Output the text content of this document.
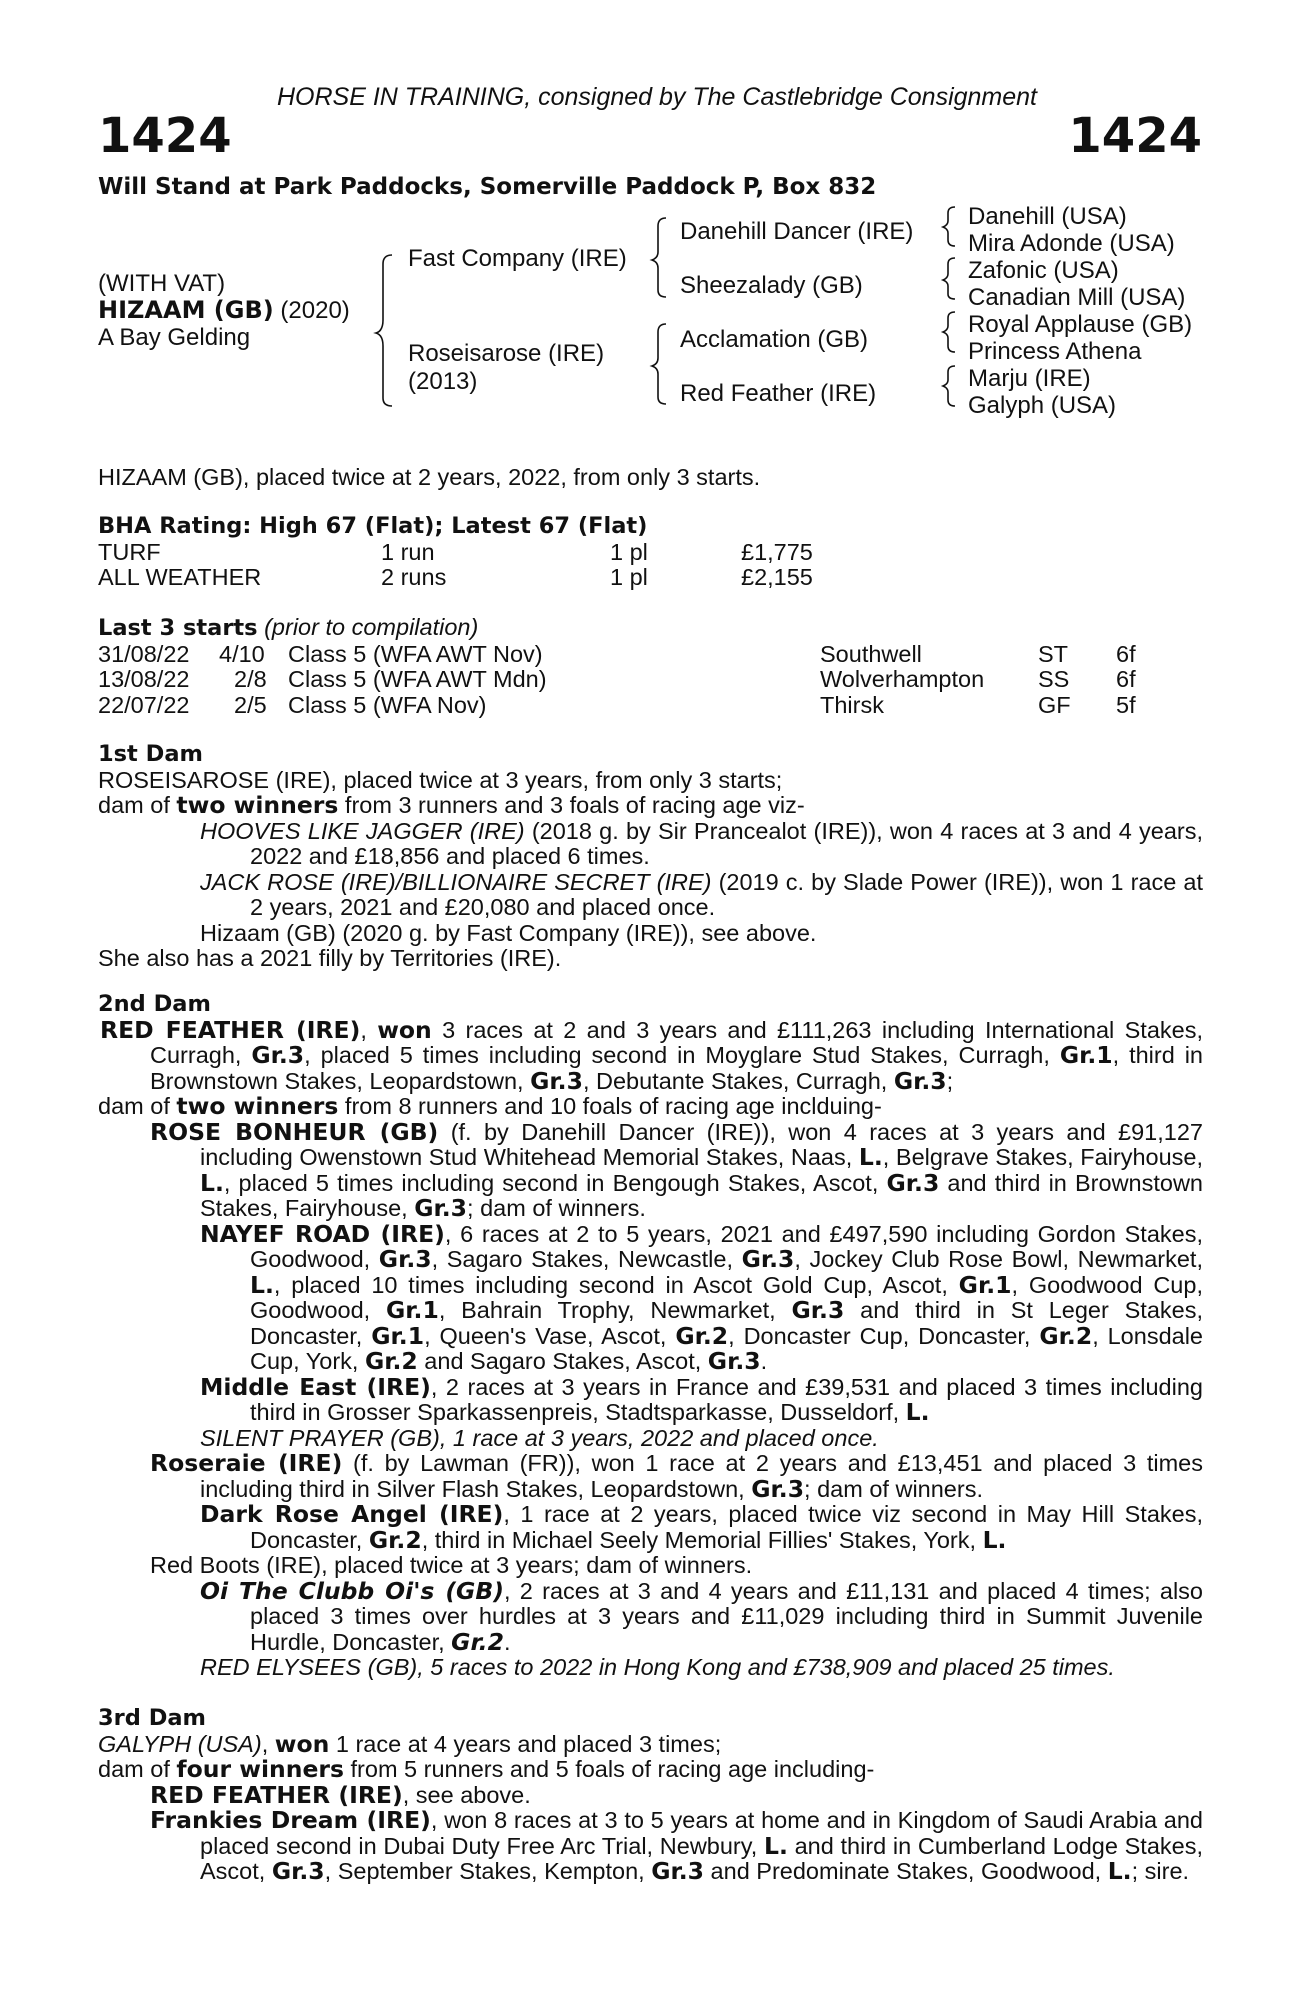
HORSE IN TRAINING, consigned by The Castlebridge Consignment
1424	1424
Will Stand at Park Paddocks, Somerville Paddock P, Box 832
(WITH VAT)
HIZAAM (GB) (2020)
A Bay Gelding
Fast Company (IRE)
Roseisarose (IRE)
(2013)
Danehill Dancer (IRE)
Sheezalady (GB)
Acclamation (GB)
Red Feather (IRE)
Danehill (USA)
Mira Adonde (USA)
Zafonic (USA)
Canadian Mill (USA)
Royal Applause (GB)
Princess Athena
Marju (IRE)
Galyph (USA)

HIZAAM (GB), placed twice at 2 years, 2022, from only 3 starts.

BHA Rating: High 67 (Flat); Latest 67 (Flat)

TURF	1 run	1 pl	£1,775
ALL WEATHER	2 runs	1 pl	£2,155

Last 3 starts (prior to compilation)

31/08/22 4/10 Class 5 (WFA AWT Nov)	Southwell	ST 6f
13/08/22 2/8 Class 5 (WFA AWT Mdn)	Wolverhampton SS 6f
22/07/22 2/5 Class 5 (WFA Nov)	Thirsk	GF 5f

1st Dam

ROSEISAROSE (IRE), placed twice at 3 years, from only 3 starts;

dam of two winners from 3 runners and 3 foals of racing age viz-

HOOVES LIKE JAGGER (IRE) (2018 g. by Sir Prancealot (IRE)), won 4 races at 3 and 4 years, 2022 and £18,856 and placed 6 times.

JACK ROSE (IRE)/BILLIONAIRE SECRET (IRE) (2019 c. by Slade Power (IRE)), won 1 race at 2 years, 2021 and £20,080 and placed once.

Hizaam (GB) (2020 g. by Fast Company (IRE)), see above.

She also has a 2021 filly by Territories (IRE).

2nd Dam

RED FEATHER (IRE), won 3 races at 2 and 3 years and £111,263 including International Stakes, Curragh, Gr.3, placed 5 times including second in Moyglare Stud Stakes, Curragh, Gr.1, third in Brownstown Stakes, Leopardstown, Gr.3, Debutante Stakes, Curragh, Gr.3;

dam of two winners from 8 runners and 10 foals of racing age inclduing-

ROSE BONHEUR (GB) (f. by Danehill Dancer (IRE)), won 4 races at 3 years and £91,127 including Owenstown Stud Whitehead Memorial Stakes, Naas, L., Belgrave Stakes, Fairyhouse, L., placed 5 times including second in Bengough Stakes, Ascot, Gr.3 and third in Brownstown Stakes, Fairyhouse, Gr.3; dam of winners.

NAYEF ROAD (IRE), 6 races at 2 to 5 years, 2021 and £497,590 including Gordon Stakes, Goodwood, Gr.3, Sagaro Stakes, Newcastle, Gr.3, Jockey Club Rose Bowl, Newmarket, L., placed 10 times including second in Ascot Gold Cup, Ascot, Gr.1, Goodwood Cup, Goodwood, Gr.1, Bahrain Trophy, Newmarket, Gr.3 and third in St Leger Stakes, Doncaster, Gr.1, Queen's Vase, Ascot, Gr.2, Doncaster Cup, Doncaster, Gr.2, Lonsdale Cup, York, Gr.2 and Sagaro Stakes, Ascot, Gr.3.

Middle East (IRE), 2 races at 3 years in France and £39,531 and placed 3 times including third in Grosser Sparkassenpreis, Stadtsparkasse, Dusseldorf, L.

SILENT PRAYER (GB), 1 race at 3 years, 2022 and placed once.

Roseraie (IRE) (f. by Lawman (FR)), won 1 race at 2 years and £13,451 and placed 3 times including third in Silver Flash Stakes, Leopardstown, Gr.3; dam of winners.

Dark Rose Angel (IRE), 1 race at 2 years, placed twice viz second in May Hill Stakes, Doncaster, Gr.2, third in Michael Seely Memorial Fillies' Stakes, York, L.

Red Boots (IRE), placed twice at 3 years; dam of winners.

Oi The Clubb Oi's (GB), 2 races at 3 and 4 years and £11,131 and placed 4 times; also placed 3 times over hurdles at 3 years and £11,029 including third in Summit Juvenile Hurdle, Doncaster, Gr.2.

RED ELYSEES (GB), 5 races to 2022 in Hong Kong and £738,909 and placed 25 times.

3rd Dam

GALYPH (USA), won 1 race at 4 years and placed 3 times;

dam of four winners from 5 runners and 5 foals of racing age including-

RED FEATHER (IRE), see above.

Frankies Dream (IRE), won 8 races at 3 to 5 years at home and in Kingdom of Saudi Arabia and placed second in Dubai Duty Free Arc Trial, Newbury, L. and third in Cumberland Lodge Stakes, Ascot, Gr.3, September Stakes, Kempton, Gr.3 and Predominate Stakes, Goodwood, L.; sire.
